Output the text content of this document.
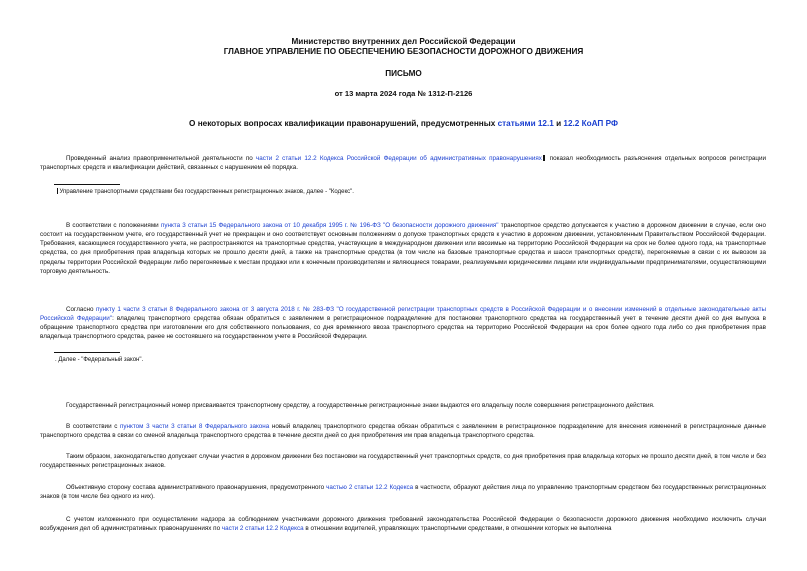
Министерство внутренних дел Российской Федерации
ГЛАВНОЕ УПРАВЛЕНИЕ ПО ОБЕСПЕЧЕНИЮ БЕЗОПАСНОСТИ ДОРОЖНОГО ДВИЖЕНИЯ
ПИСЬМО
от 13 марта 2024 года № 1312-П-2126
О некоторых вопросах квалификации правонарушений, предусмотренных статьями 12.1 и 12.2 КоАП РФ
Проведенный анализ правоприменительной деятельности по части 2 статьи 12.2 Кодекса Российской Федерации об административных правонарушениях показал необходимость разъяснения отдельных вопросов регистрации транспортных средств и квалификации действий, связанных с нарушением её порядка.
Управление транспортными средствами без государственных регистрационных знаков, далее - "Кодекс".
В соответствии с положениями пункта 3 статьи 15 Федерального закона от 10 декабря 1995 г. № 196-ФЗ "О безопасности дорожного движения" транспортное средство допускается к участию в дорожном движении в случае, если оно состоит на государственном учете, его государственный учет не прекращен и оно соответствует основным положениям о допуске транспортных средств к участию в дорожном движении, установленным Правительством Российской Федерации. Требования, касающиеся государственного учета, не распространяются на транспортные средства, участвующие в международном движении или ввозимые на территорию Российской Федерации на срок не более одного года, на транспортные средства, со дня приобретения прав владельца которых не прошло десяти дней, а также на транспортные средства (в том числе на базовые транспортные средства и шасси транспортных средств), перегоняемые в связи с их вывозом за пределы территории Российской Федерации либо перегоняемые к местам продажи или к конечным производителям и являющиеся товарами, реализуемыми юридическими лицами или индивидуальными предпринимателями, осуществляющими торговую деятельность.
Согласно пункту 1 части 3 статьи 8 Федерального закона от 3 августа 2018 г. № 283-ФЗ "О государственной регистрации транспортных средств в Российской Федерации и о внесении изменений в отдельные законодательные акты Российской Федерации": владелец транспортного средства обязан обратиться с заявлением в регистрационное подразделение для постановки транспортного средства на государственный учет в течение десяти дней со дня выпуска в обращение транспортного средства при изготовлении его для собственного пользования, со дня временного ввоза транспортного средства на территорию Российской Федерации на срок более одного года либо со дня приобретения прав владельца транспортного средства, ранее не состоявшего на государственном учете в Российской Федерации.
. Далее - "Федеральный закон".
Государственный регистрационный номер присваивается транспортному средству, а государственные регистрационные знаки выдаются его владельцу после совершения регистрационного действия.
В соответствии с пунктом 3 части 3 статьи 8 Федерального закона новый владелец транспортного средства обязан обратиться с заявлением в регистрационное подразделение для внесения изменений в регистрационные данные транспортного средства в связи со сменой владельца транспортного средства в течение десяти дней со дня приобретения им прав владельца транспортного средства.
Таким образом, законодательство допускает случаи участия в дорожном движении без постановки на государственный учет транспортных средств, со дня приобретения прав владельца которых не прошло десяти дней, в том числе и без государственных регистрационных знаков.
Объективную сторону состава административного правонарушения, предусмотренного частью 2 статьи 12.2 Кодекса в частности, образуют действия лица по управлению транспортным средством без государственных регистрационных знаков (в том числе без одного из них).
С учетом изложенного при осуществлении надзора за соблюдением участниками дорожного движения требований законодательства Российской Федерации о безопасности дорожного движения необходимо исключить случаи возбуждения дел об административных правонарушениях по части 2 статьи 12.2 Кодекса в отношении водителей, управляющих транспортными средствами, в отношении которых не выполнена
